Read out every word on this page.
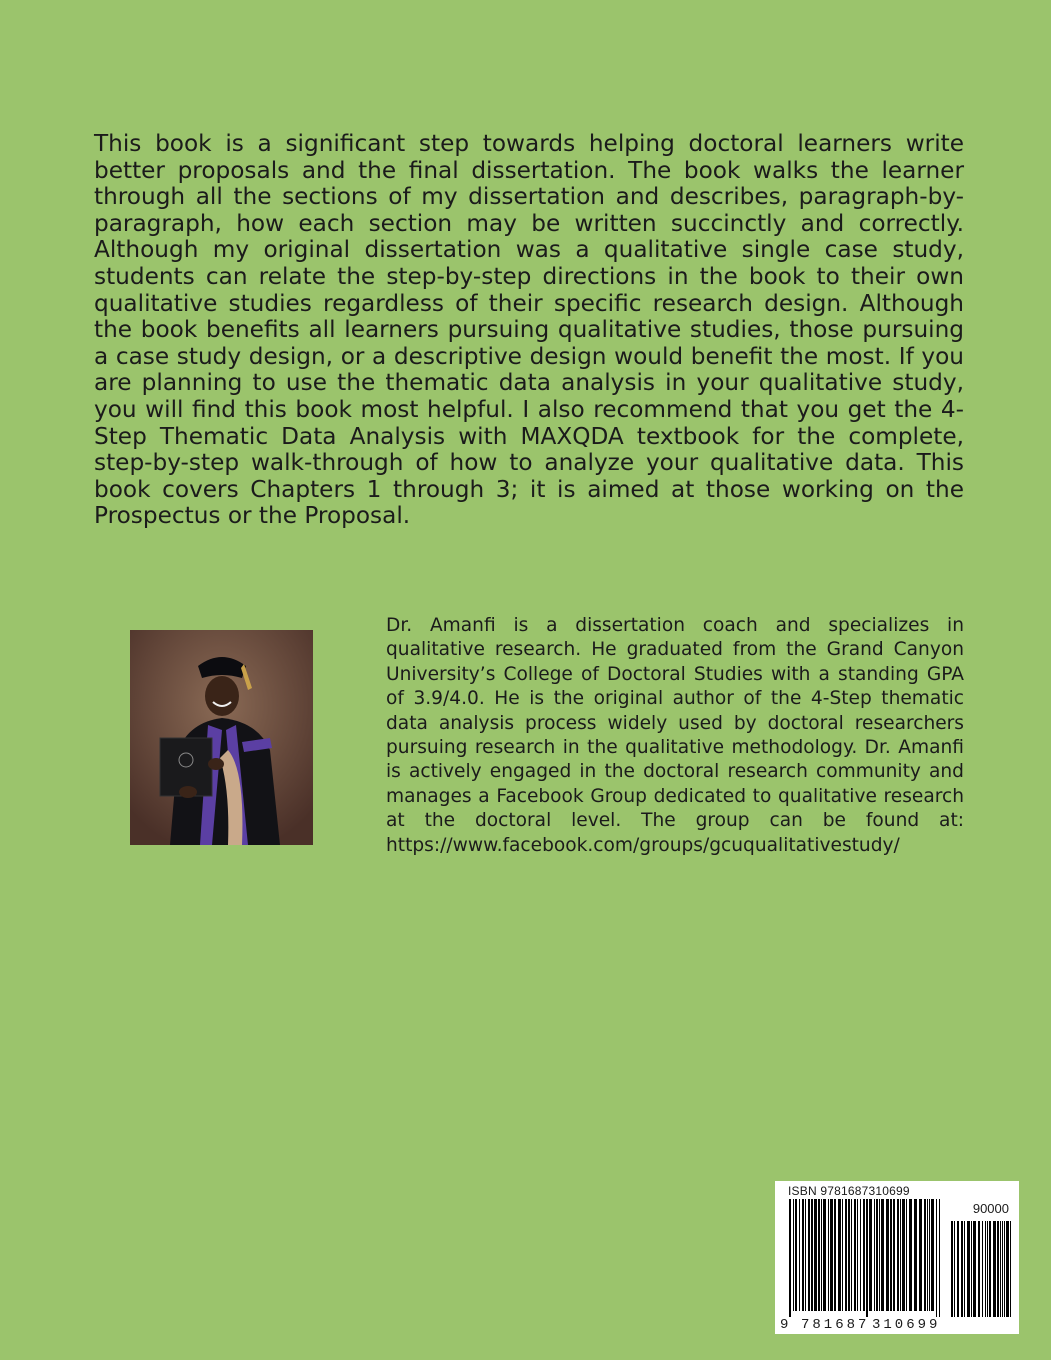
This book is a significant step towards helping doctoral learners write better proposals and the final dissertation. The book walks the learner through all the sections of my dissertation and describes, paragraph-by-paragraph, how each section may be written succinctly and correctly. Although my original dissertation was a qualitative single case study, students can relate the step-by-step directions in the book to their own qualitative studies regardless of their specific research design. Although the book benefits all learners pursuing qualitative studies, those pursuing a case study design, or a descriptive design would benefit the most. If you are planning to use the thematic data analysis in your qualitative study, you will find this book most helpful. I also recommend that you get the 4-Step Thematic Data Analysis with MAXQDA textbook for the complete, step-by-step walk-through of how to analyze your qualitative data. This book covers Chapters 1 through 3; it is aimed at those working on the Prospectus or the Proposal.

Dr. Amanfi is a dissertation coach and specializes in qualitative research. He graduated from the Grand Canyon University’s College of Doctoral Studies with a standing GPA of 3.9/4.0. He is the original author of the 4-Step thematic data analysis process widely used by doctoral researchers pursuing research in the qualitative methodology. Dr. Amanfi is actively engaged in the doctoral research community and manages a Facebook Group dedicated to qualitative research at the doctoral level. The group can be found at: https://www.facebook.com/groups/gcuqualitativestudy/

ISBN 9781687310699
90000
9 781687 310699
